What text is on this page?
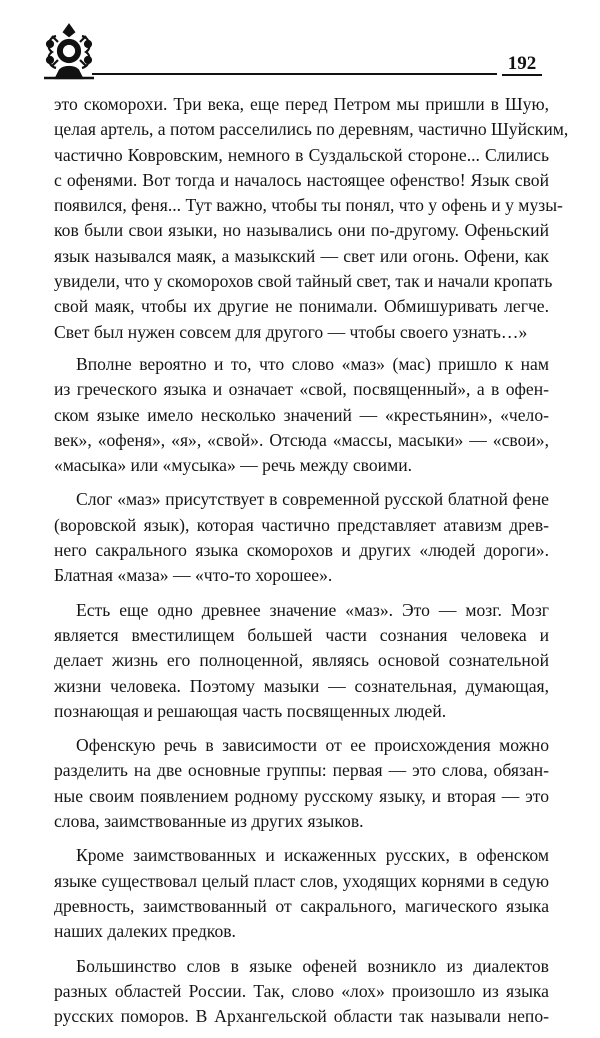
192
это скоморохи. Три века, еще перед Петром мы пришли в Шую,
целая артель, а потом расселились по деревням, частично Шуйским,
частично Ковровским, немного в Суздальской стороне... Слились
с офенями. Вот тогда и началось настоящее офенство! Язык свой
появился, феня... Тут важно, чтобы ты понял, что у офень и у музы-
ков были свои языки, но назывались они по-другому. Офеньский
язык назывался маяк, а мазыкский — свет или огонь. Офени, как
увидели, что у скоморохов свой тайный свет, так и начали кропать
свой маяк, чтобы их другие не понимали. Обмишуривать легче.
Свет был нужен совсем для другого — чтобы своего узнать…»
Вполне вероятно и то, что слово «маз» (мас) пришло к нам
из греческого языка и означает «свой, посвященный», а в офен-
ском языке имело несколько значений — «крестьянин», «чело-
век», «офеня», «я», «свой». Отсюда «массы, масыки» — «свои»,
«масыка» или «мусыка» — речь между своими.
Слог «маз» присутствует в современной русской блатной фене
(воровской язык), которая частично представляет атавизм древ-
него сакрального языка скоморохов и других «людей дороги».
Блатная «маза» — «что-то хорошее».
Есть еще одно древнее значение «маз». Это — мозг. Мозг
является вместилищем большей части сознания человека и
делает жизнь его полноценной, являясь основой сознательной
жизни человека. Поэтому мазыки — сознательная, думающая,
познающая и решающая часть посвященных людей.
Офенскую речь в зависимости от ее происхождения можно
разделить на две основные группы: первая — это слова, обязан-
ные своим появлением родному русскому языку, и вторая — это
слова, заимствованные из других языков.
Кроме заимствованных и искаженных русских, в офенском
языке существовал целый пласт слов, уходящих корнями в седую
древность, заимствованный от сакрального, магического языка
наших далеких предков.
Большинство слов в языке офеней возникло из диалектов
разных областей России. Так, слово «лох» произошло из языка
русских поморов. В Архангельской области так называли непо-
